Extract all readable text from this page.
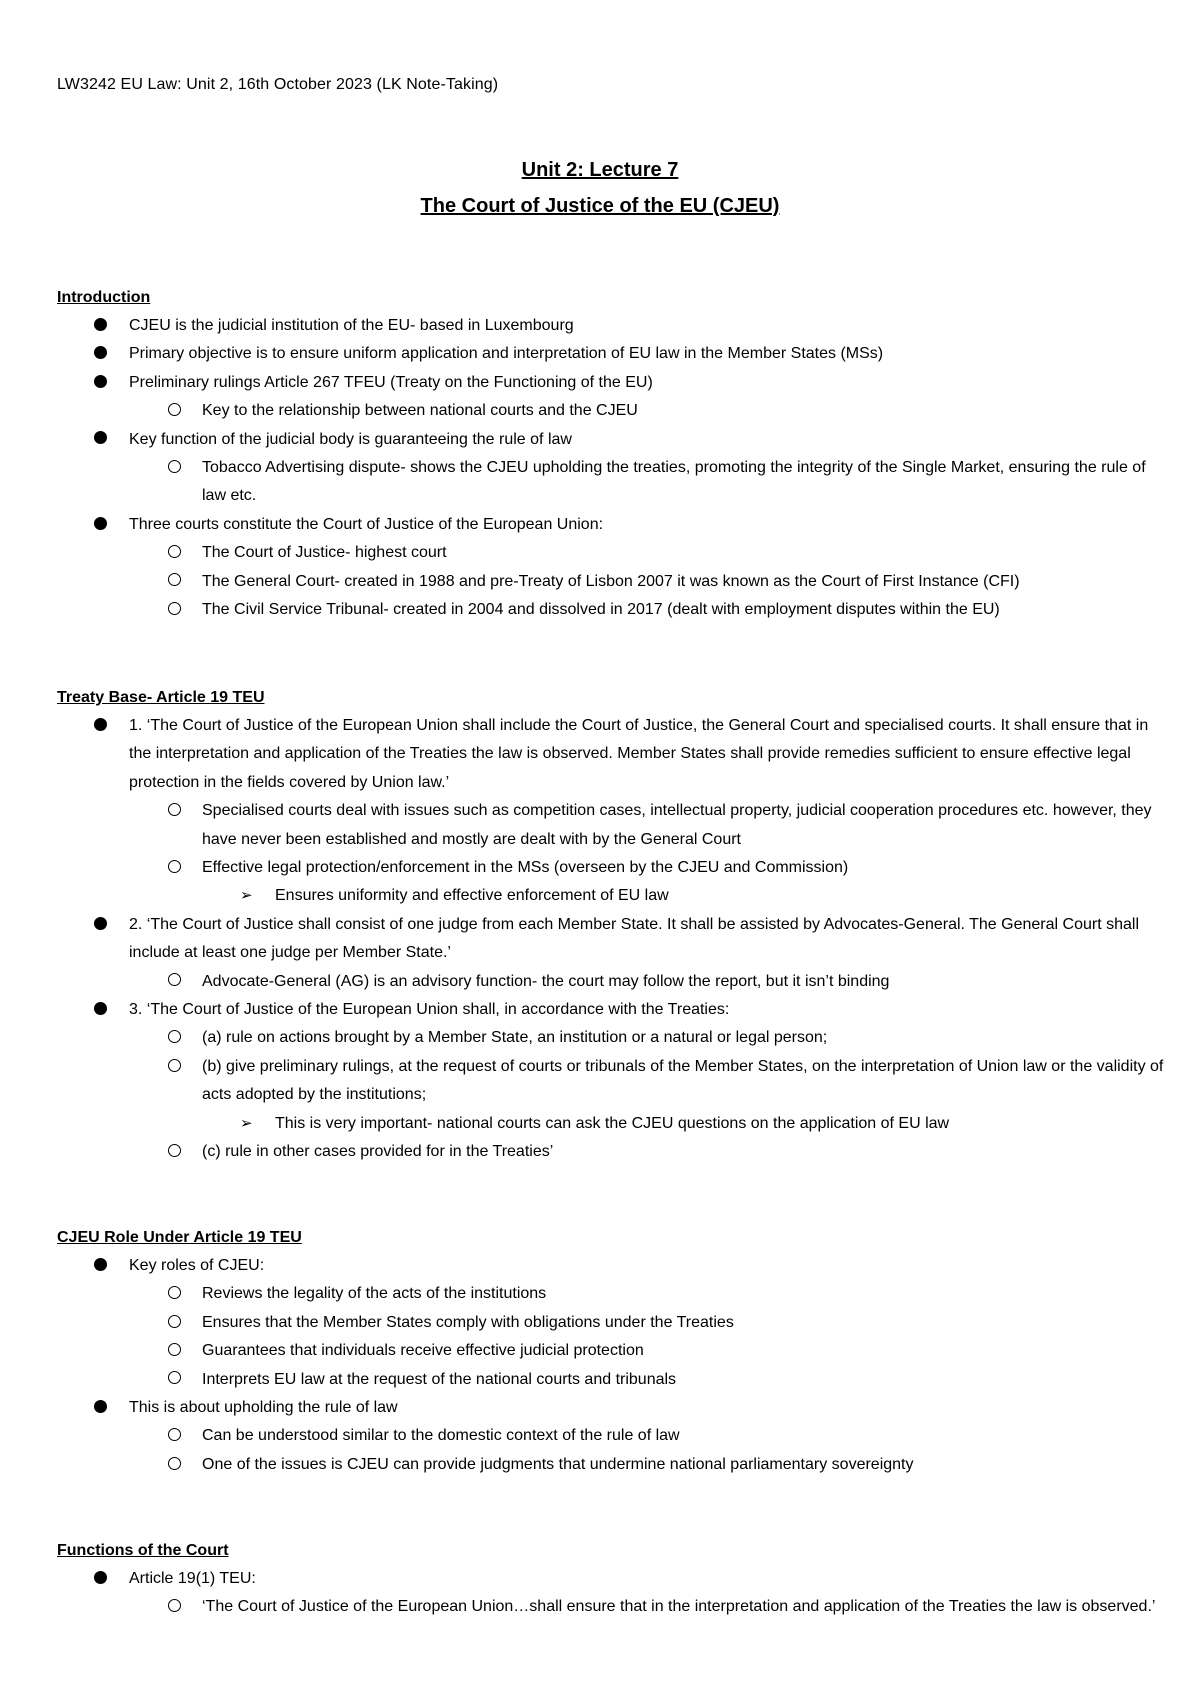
LW3242 EU Law: Unit 2, 16th October 2023 (LK Note-Taking)
Unit 2: Lecture 7
The Court of Justice of the EU (CJEU)
Introduction
CJEU is the judicial institution of the EU- based in Luxembourg
Primary objective is to ensure uniform application and interpretation of EU law in the Member States (MSs)
Preliminary rulings Article 267 TFEU (Treaty on the Functioning of the EU)
Key to the relationship between national courts and the CJEU
Key function of the judicial body is guaranteeing the rule of law
Tobacco Advertising dispute- shows the CJEU upholding the treaties, promoting the integrity of the Single Market, ensuring the rule of law etc.
Three courts constitute the Court of Justice of the European Union:
The Court of Justice- highest court
The General Court- created in 1988 and pre-Treaty of Lisbon 2007 it was known as the Court of First Instance (CFI)
The Civil Service Tribunal- created in 2004 and dissolved in 2017 (dealt with employment disputes within the EU)
Treaty Base- Article 19 TEU
1. ‘The Court of Justice of the European Union shall include the Court of Justice, the General Court and specialised courts. It shall ensure that in the interpretation and application of the Treaties the law is observed. Member States shall provide remedies sufficient to ensure effective legal protection in the fields covered by Union law.’
Specialised courts deal with issues such as competition cases, intellectual property, judicial cooperation procedures etc. however, they have never been established and mostly are dealt with by the General Court
Effective legal protection/enforcement in the MSs (overseen by the CJEU and Commission)
➢ Ensures uniformity and effective enforcement of EU law
2. ‘The Court of Justice shall consist of one judge from each Member State. It shall be assisted by Advocates-General. The General Court shall include at least one judge per Member State.’
Advocate-General (AG) is an advisory function- the court may follow the report, but it isn’t binding
3. ‘The Court of Justice of the European Union shall, in accordance with the Treaties:
(a) rule on actions brought by a Member State, an institution or a natural or legal person;
(b) give preliminary rulings, at the request of courts or tribunals of the Member States, on the interpretation of Union law or the validity of acts adopted by the institutions;
➢ This is very important- national courts can ask the CJEU questions on the application of EU law
(c) rule in other cases provided for in the Treaties’
CJEU Role Under Article 19 TEU
Key roles of CJEU:
Reviews the legality of the acts of the institutions
Ensures that the Member States comply with obligations under the Treaties
Guarantees that individuals receive effective judicial protection
Interprets EU law at the request of the national courts and tribunals
This is about upholding the rule of law
Can be understood similar to the domestic context of the rule of law
One of the issues is CJEU can provide judgments that undermine national parliamentary sovereignty
Functions of the Court
Article 19(1) TEU:
‘The Court of Justice of the European Union…shall ensure that in the interpretation and application of the Treaties the law is observed.’
